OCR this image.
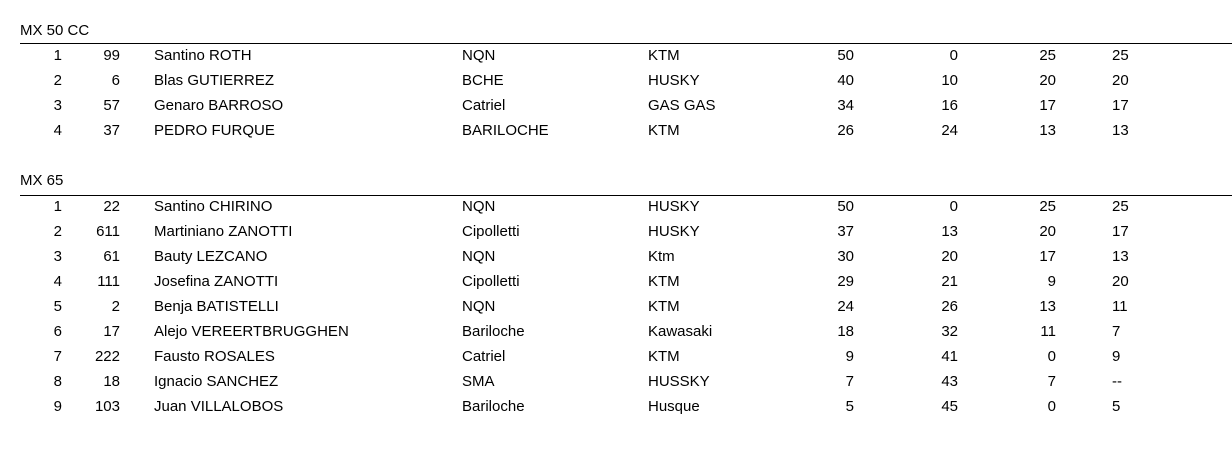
MX 50 CC
1	99 Santino ROTH	NQN	KTM	50	0	25	25
2	6 Blas GUTIERREZ	BCHE	HUSKY	40	10	20	20
3	57 Genaro BARROSO	Catriel	GAS GAS	34	16	17	17
4	37 PEDRO FURQUE	BARILOCHE	KTM	26	24	13	13
MX 65
1	22 Santino CHIRINO	NQN	HUSKY	50	0	25	25
2	611 Martiniano ZANOTTI	Cipolletti	HUSKY	37	13	20	17
3	61 Bauty LEZCANO	NQN	Ktm	30	20	17	13
4	111 Josefina ZANOTTI	Cipolletti	KTM	29	21	9	20
5	2 Benja BATISTELLI	NQN	KTM	24	26	13	11
6	17 Alejo VEREERTBRUGGHEN	Bariloche	Kawasaki	18	32	11	7
7	222 Fausto ROSALES	Catriel	KTM	9	41	0	9
8	18 Ignacio SANCHEZ	SMA	HUSSKY	7	43	7	--
9	103 Juan VILLALOBOS	Bariloche	Husque	5	45	0	5
